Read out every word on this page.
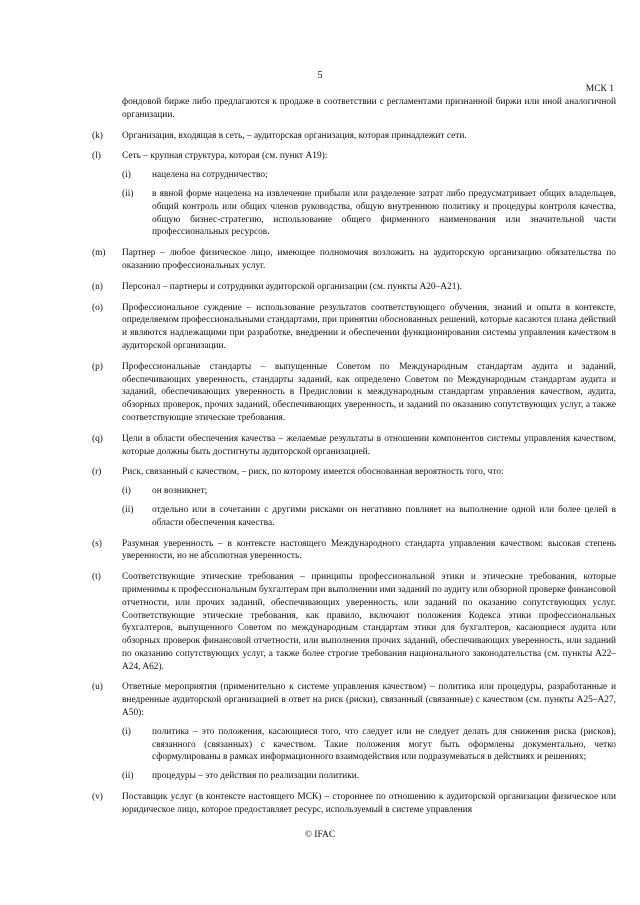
5
МСК 1
фондовой бирже либо предлагаются к продаже в соответствии с регламентами признанной биржи или иной аналогичной организации.
(k)	Организация, входящая в сеть, – аудиторская организация, которая принадлежит сети.
(l)	Сеть – крупная структура, которая (см. пункт A19):
(i)	нацелена на сотрудничество;
(ii)	в явной форме нацелена на извлечение прибыли или разделение затрат либо предусматривает общих владельцев, общий контроль или общих членов руководства, общую внутреннюю политику и процедуры контроля качества, общую бизнес-стратегию, использование общего фирменного наименования или значительной части профессиональных ресурсов.
(m)	Партнер – любое физическое лицо, имеющее полномочия возложить на аудиторскую организацию обязательства по оказанию профессиональных услуг.
(n)	Персонал – партнеры и сотрудники аудиторской организации (см. пункты A20–A21).
(o)	Профессиональное суждение – использование результатов соответствующего обучения, знаний и опыта в контексте, определяемом профессиональными стандартами, при принятии обоснованных решений, которые касаются плана действий и являются надлежащими при разработке, внедрении и обеспечении функционирования системы управления качеством в аудиторской организации.
(p)	Профессиональные стандарты – выпущенные Советом по Международным стандартам аудита и заданий, обеспечивающих уверенность, стандарты заданий, как определено Советом по Международным стандартам аудита и заданий, обеспечивающих уверенность в Предисловии к международным стандартам управления качеством, аудита, обзорных проверок, прочих заданий, обеспечивающих уверенность, и заданий по оказанию сопутствующих услуг, а также соответствующие этические требования.
(q)	Цели в области обеспечения качества – желаемые результаты в отношении компонентов системы управления качеством, которые должны быть достигнуты аудиторской организацией.
(r)	Риск, связанный с качеством, – риск, по которому имеется обоснованная вероятность того, что:
(i)	он возникнет;
(ii)	отдельно или в сочетании с другими рисками он негативно повлияет на выполнение одной или более целей в области обеспечения качества.
(s)	Разумная уверенность – в контексте настоящего Международного стандарта управления качеством: высокая степень уверенности, но не абсолютная уверенность.
(t)	Соответствующие этические требования – принципы профессиональной этики и этические требования, которые применимы к профессиональным бухгалтерам при выполнении ими заданий по аудиту или обзорной проверке финансовой отчетности, или прочих заданий, обеспечивающих уверенность, или заданий по оказанию сопутствующих услуг. Соответствующие этические требования, как правило, включают положения Кодекса этики профессиональных бухгалтеров, выпущенного Советом по международным стандартам этики для бухгалтеров, касающиеся аудита или обзорных проверок финансовой отчетности, или выполнения прочих заданий, обеспечивающих уверенность, или заданий по оказанию сопутствующих услуг, а также более строгие требования национального законодательства (см. пункты A22–A24, A62).
(u)	Ответные мероприятия (применительно к системе управления качеством) – политика или процедуры, разработанные и внедренные аудиторской организацией в ответ на риск (риски), связанный (связанные) с качеством (см. пункты A25–A27, A50):
(i)	политика – это положения, касающиеся того, что следует или не следует делать для снижения риска (рисков), связанного (связанных) с качеством. Такие положения могут быть оформлены документально, четко сформулированы в рамках информационного взаимодействия или подразумеваться в действиях и решениях;
(ii)	процедуры – это действия по реализации политики.
(v)	Поставщик услуг (в контексте настоящего МСК) – стороннее по отношению к аудиторской организации физическое или юридическое лицо, которое предоставляет ресурс, используемый в системе управления
© IFAC
